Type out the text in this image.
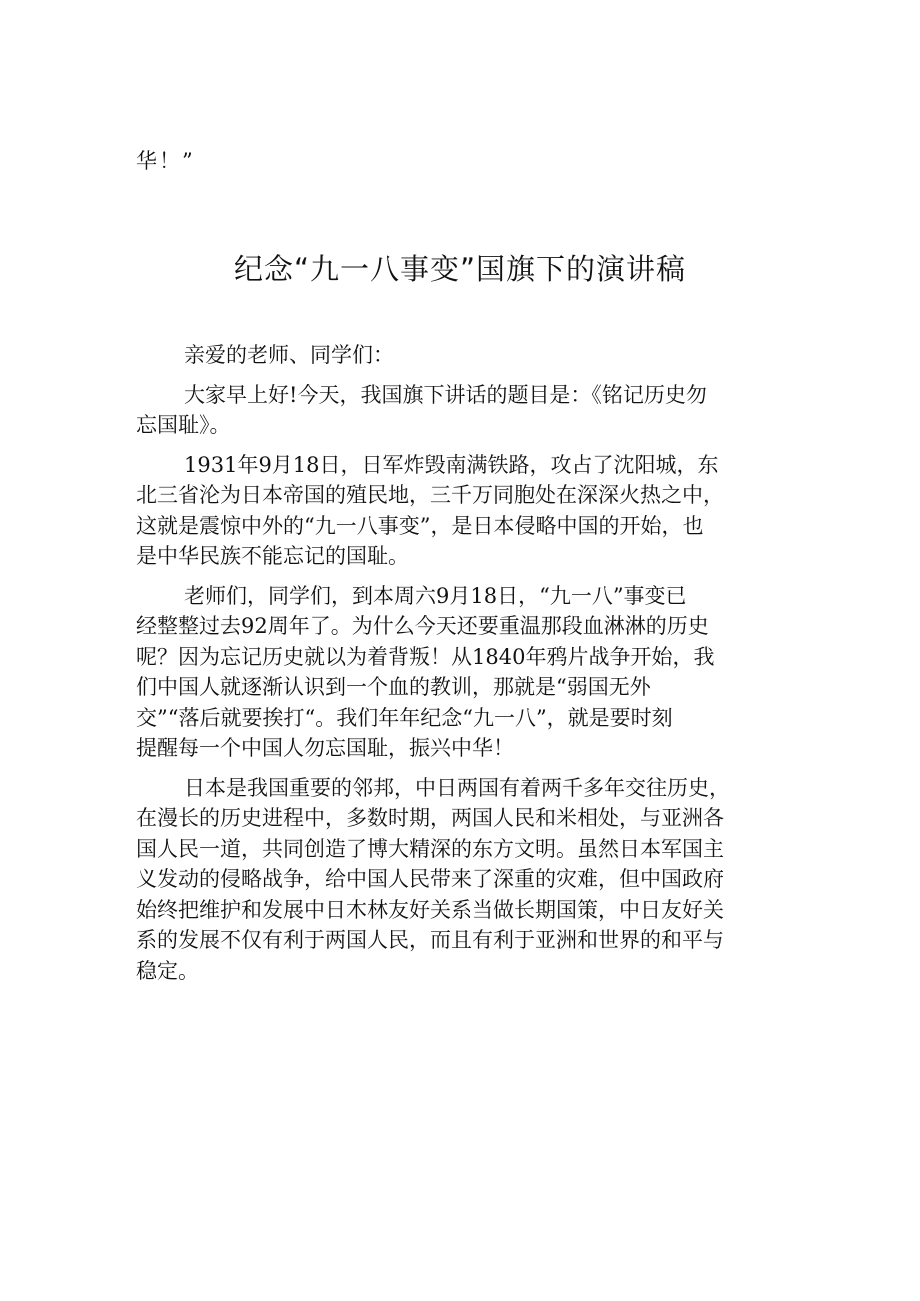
华！”
纪念“九一八事变”国旗下的演讲稿

亲爱的老师、同学们：

大家早上好!今天，我国旗下讲话的题目是：《铭记历史勿
忘国耻》。

1931年9月18日，日军炸毁南满铁路，攻占了沈阳城，东
北三省沦为日本帝国的殖民地，三千万同胞处在深深火热之中，
这就是震惊中外的“九一八事变”，是日本侵略中国的开始，也
是中华民族不能忘记的国耻。

老师们，同学们，到本周六9月18日，“九一八”事变已
经整整过去92周年了。为什么今天还要重温那段血淋淋的历史
呢？因为忘记历史就以为着背叛！从1840年鸦片战争开始，我
们中国人就逐渐认识到一个血的教训，那就是“弱国无外
交”“落后就要挨打“。我们年年纪念“九一八”，就是要时刻
提醒每一个中国人勿忘国耻，振兴中华！

日本是我国重要的邻邦，中日两国有着两千多年交往历史，
在漫长的历史进程中，多数时期，两国人民和米相处，与亚洲各
国人民一道，共同创造了博大精深的东方文明。虽然日本军国主
义发动的侵略战争，给中国人民带来了深重的灾难，但中国政府
始终把维护和发展中日木林友好关系当做长期国策，中日友好关
系的发展不仅有利于两国人民，而且有利于亚洲和世界的和平与
稳定。
